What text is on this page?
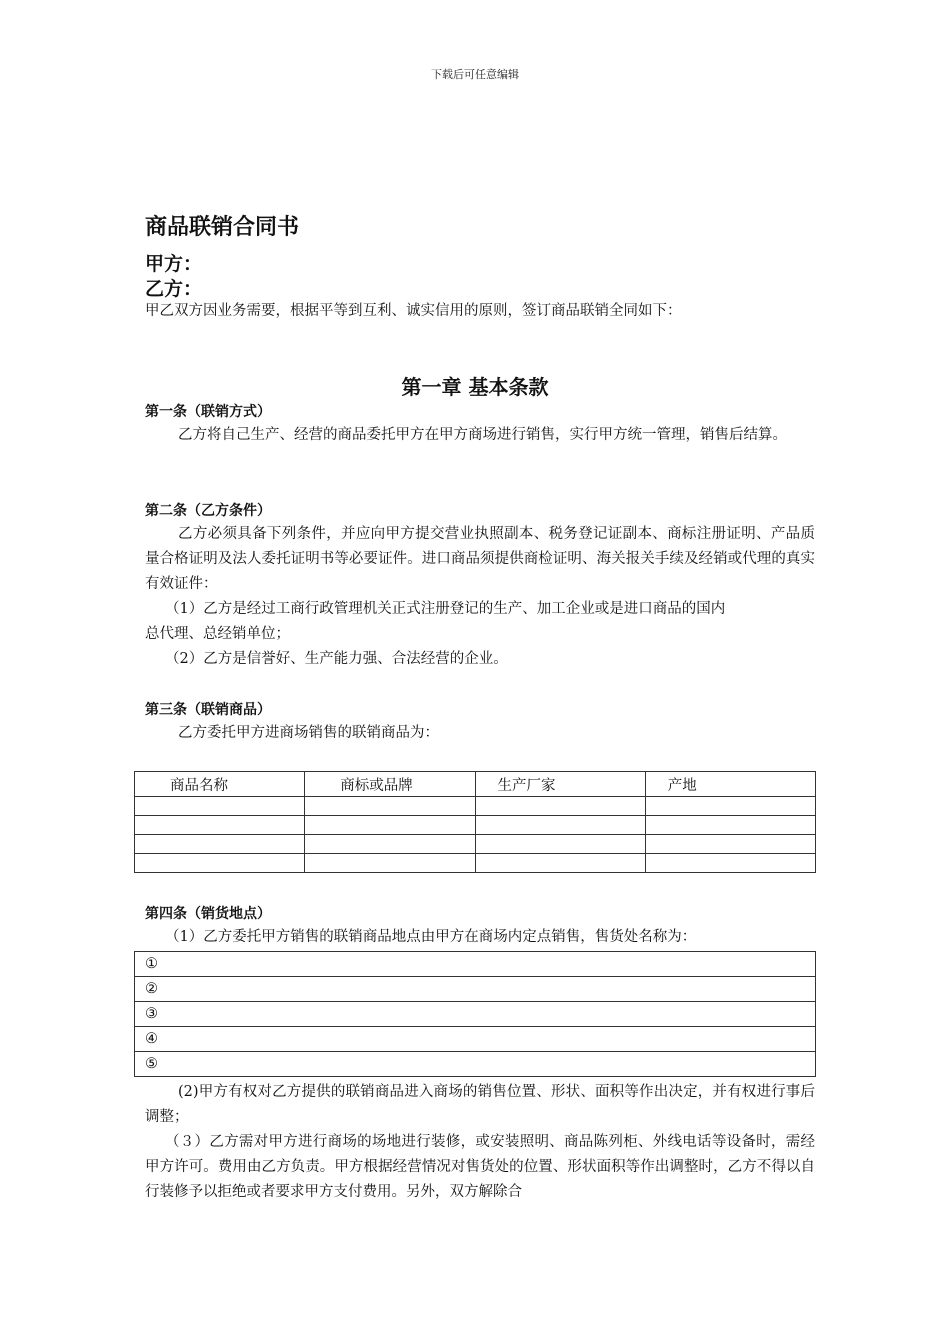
下载后可任意编辑
商品联销合同书
甲方：
乙方：
甲乙双方因业务需要，根据平等到互利、诚实信用的原则，签订商品联销全同如下：
第一章 基本条款
第一条（联销方式）
乙方将自己生产、经营的商品委托甲方在甲方商场进行销售，实行甲方统一管理，销售后结算。
第二条（乙方条件）
乙方必须具备下列条件，并应向甲方提交营业执照副本、税务登记证副本、商标注册证明、产品质量合格证明及法人委托证明书等必要证件。进口商品须提供商检证明、海关报关手续及经销或代理的真实有效证件：
（1）乙方是经过工商行政管理机关正式注册登记的生产、加工企业或是进口商品的国内
总代理、总经销单位；
（2）乙方是信誉好、生产能力强、合法经营的企业。
第三条（联销商品）
乙方委托甲方进商场销售的联销商品为：
商品名称	商标或品牌	生产厂家	产地

第四条（销货地点）
（1）乙方委托甲方销售的联销商品地点由甲方在商场内定点销售，售货处名称为：
①
②
③
④
⑤
(2)甲方有权对乙方提供的联销商品进入商场的销售位置、形状、面积等作出决定，并有权进行事后调整；
（３）乙方需对甲方进行商场的场地进行装修，或安装照明、商品陈列柜、外线电话等设备时，需经甲方许可。费用由乙方负责。甲方根据经营情况对售货处的位置、形状面积等作出调整时，乙方不得以自行装修予以拒绝或者要求甲方支付费用。另外，双方解除合
